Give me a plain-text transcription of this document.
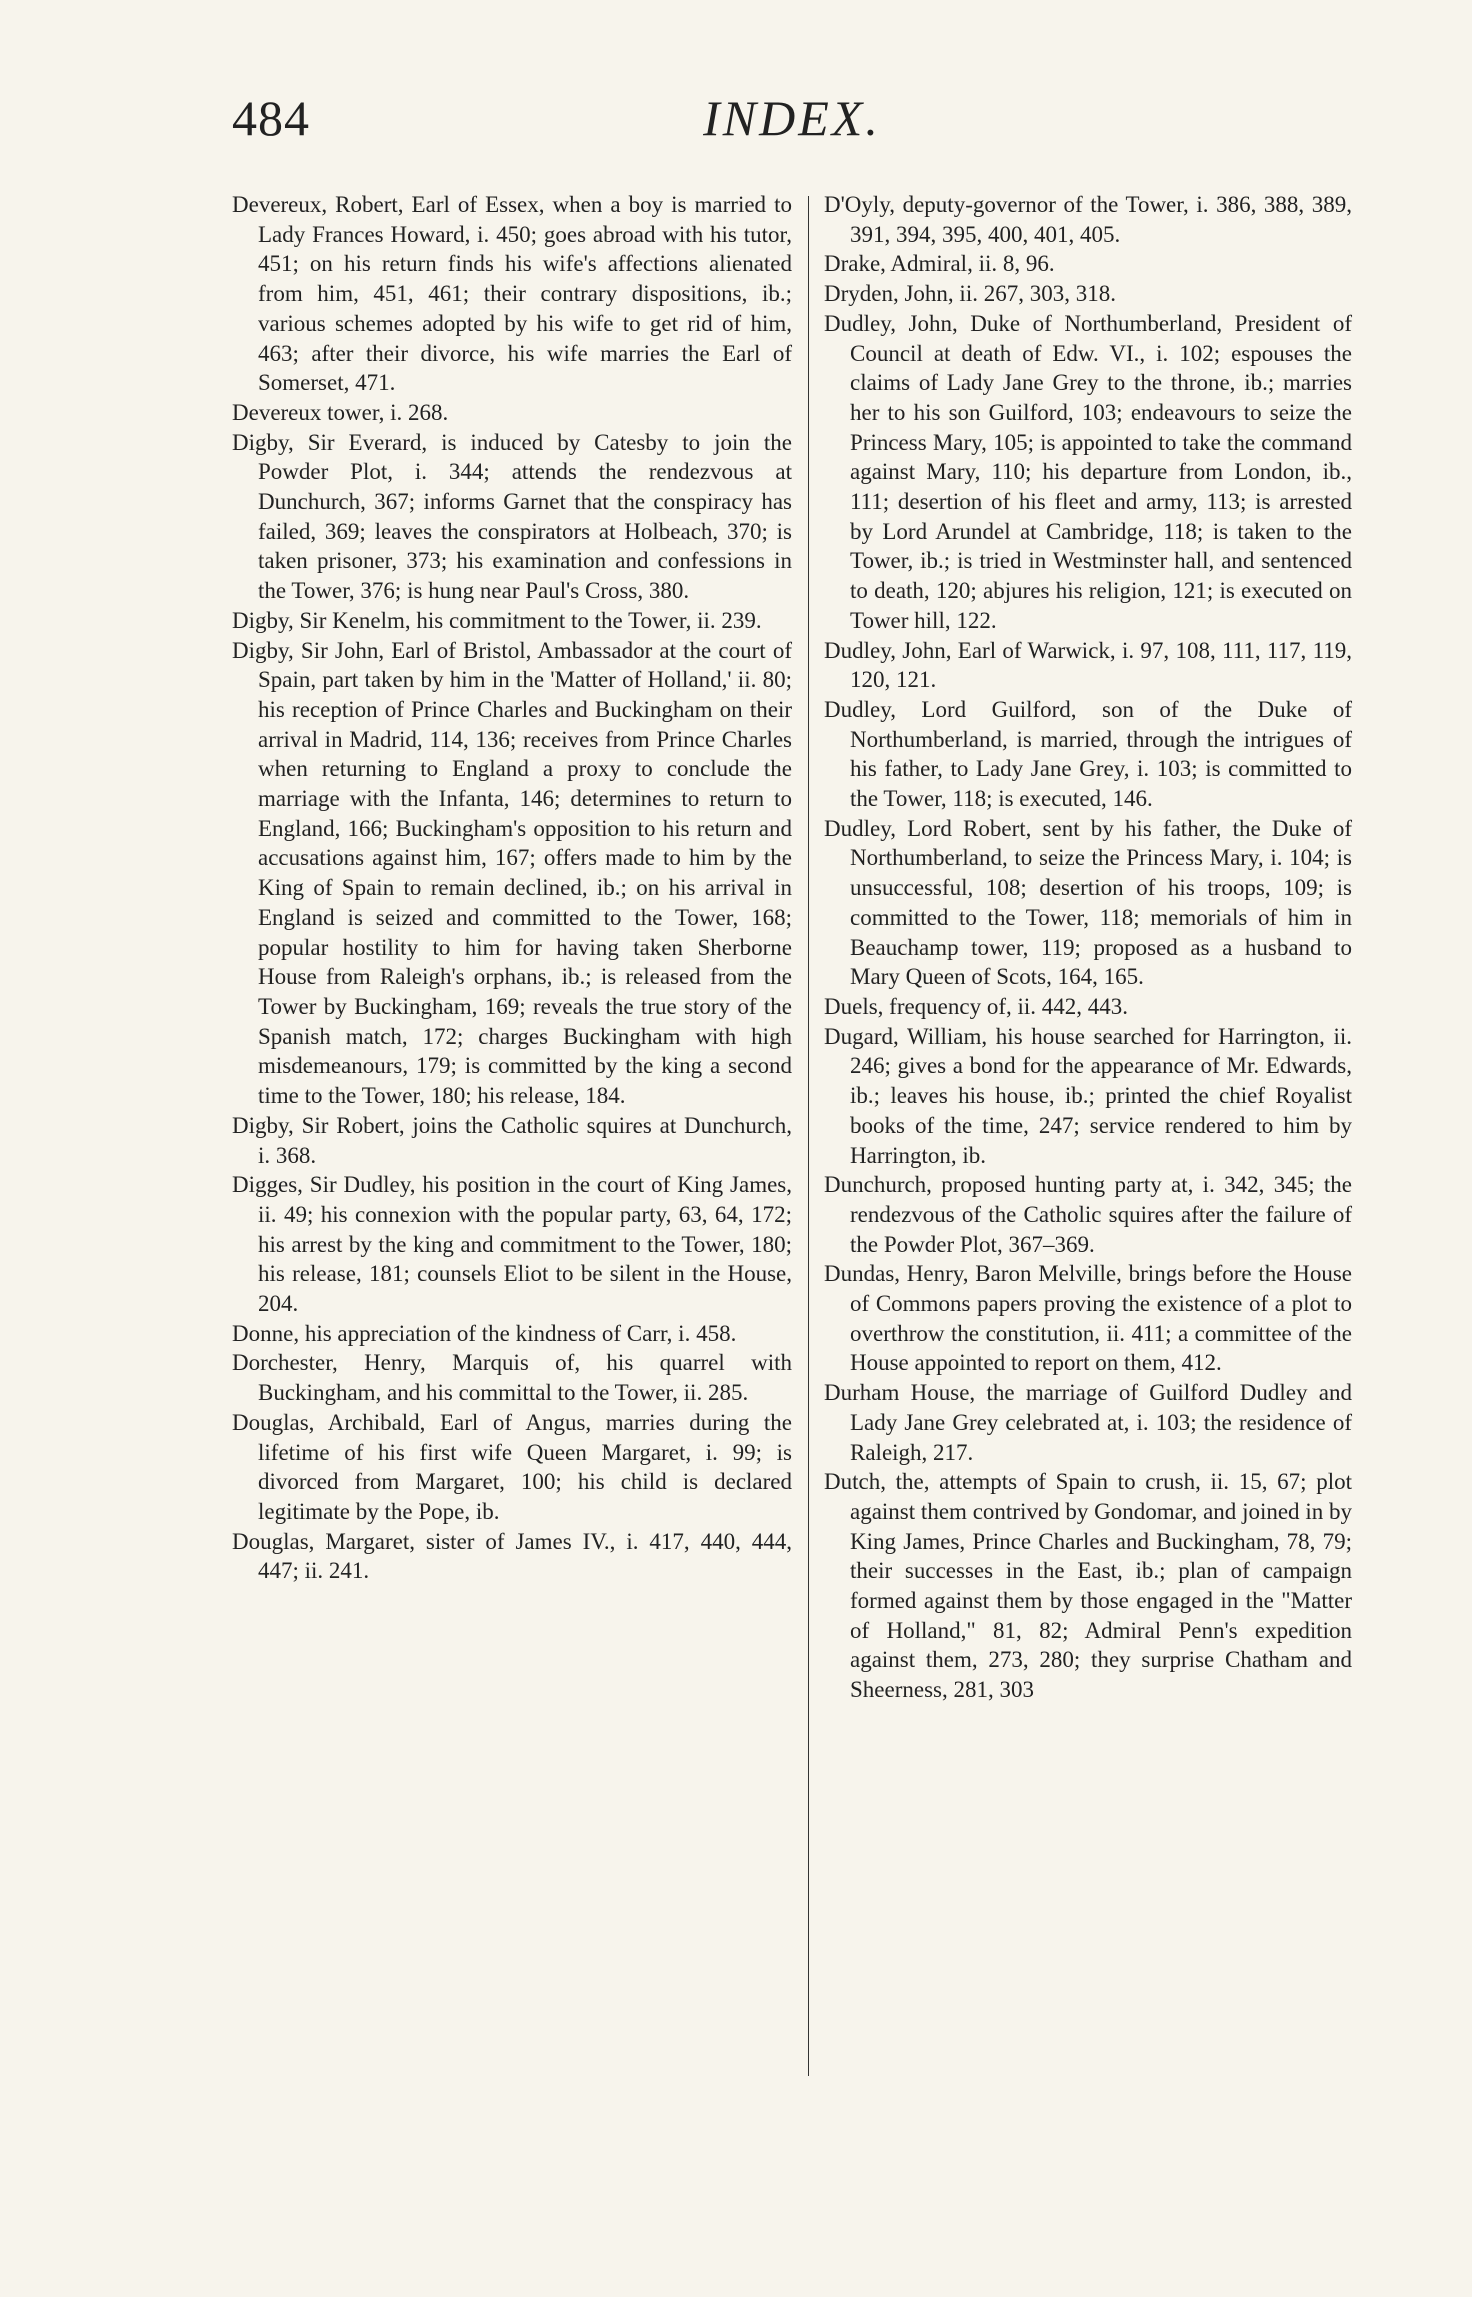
484	INDEX.

Devereux, Robert, Earl of Essex, when a boy is married to Lady Frances Howard, i. 450; goes abroad with his tutor, 451; on his return finds his wife's affections alienated from him, 451, 461; their contrary dispositions, ib.; various schemes adopted by his wife to get rid of him, 463; after their divorce, his wife marries the Earl of Somerset, 471.

Devereux tower, i. 268.

Digby, Sir Everard, is induced by Catesby to join the Powder Plot, i. 344; attends the rendezvous at Dunchurch, 367; informs Garnet that the conspiracy has failed, 369; leaves the conspirators at Holbeach, 370; is taken prisoner, 373; his examination and confessions in the Tower, 376; is hung near Paul's Cross, 380.

Digby, Sir Kenelm, his commitment to the Tower, ii. 239.

Digby, Sir John, Earl of Bristol, Ambassador at the court of Spain, part taken by him in the 'Matter of Holland,' ii. 80; his reception of Prince Charles and Buckingham on their arrival in Madrid, 114, 136; receives from Prince Charles when returning to England a proxy to conclude the marriage with the Infanta, 146; determines to return to England, 166; Buckingham's opposition to his return and accusations against him, 167; offers made to him by the King of Spain to remain declined, ib.; on his arrival in England is seized and committed to the Tower, 168; popular hostility to him for having taken Sherborne House from Raleigh's orphans, ib.; is released from the Tower by Buckingham, 169; reveals the true story of the Spanish match, 172; charges Buckingham with high misdemeanours, 179; is committed by the king a second time to the Tower, 180; his release, 184.

Digby, Sir Robert, joins the Catholic squires at Dunchurch, i. 368.

Digges, Sir Dudley, his position in the court of King James, ii. 49; his connexion with the popular party, 63, 64, 172; his arrest by the king and commitment to the Tower, 180; his release, 181; counsels Eliot to be silent in the House, 204.

Donne, his appreciation of the kindness of Carr, i. 458.

Dorchester, Henry, Marquis of, his quarrel with Buckingham, and his committal to the Tower, ii. 285.

Douglas, Archibald, Earl of Angus, marries during the lifetime of his first wife Queen Margaret, i. 99; is divorced from Margaret, 100; his child is declared legitimate by the Pope, ib.

Douglas, Margaret, sister of James IV., i. 417, 440, 444, 447; ii. 241.

D'Oyly, deputy-governor of the Tower, i. 386, 388, 389, 391, 394, 395, 400, 401, 405.

Drake, Admiral, ii. 8, 96.

Dryden, John, ii. 267, 303, 318.

Dudley, John, Duke of Northumberland, President of Council at death of Edw. VI., i. 102; espouses the claims of Lady Jane Grey to the throne, ib.; marries her to his son Guilford, 103; endeavours to seize the Princess Mary, 105; is appointed to take the command against Mary, 110; his departure from London, ib., 111; desertion of his fleet and army, 113; is arrested by Lord Arundel at Cambridge, 118; is taken to the Tower, ib.; is tried in Westminster hall, and sentenced to death, 120; abjures his religion, 121; is executed on Tower hill, 122.

Dudley, John, Earl of Warwick, i. 97, 108, 111, 117, 119, 120, 121.

Dudley, Lord Guilford, son of the Duke of Northumberland, is married, through the intrigues of his father, to Lady Jane Grey, i. 103; is committed to the Tower, 118; is executed, 146.

Dudley, Lord Robert, sent by his father, the Duke of Northumberland, to seize the Princess Mary, i. 104; is unsuccessful, 108; desertion of his troops, 109; is committed to the Tower, 118; memorials of him in Beauchamp tower, 119; proposed as a husband to Mary Queen of Scots, 164, 165.

Duels, frequency of, ii. 442, 443.

Dugard, William, his house searched for Harrington, ii. 246; gives a bond for the appearance of Mr. Edwards, ib.; leaves his house, ib.; printed the chief Royalist books of the time, 247; service rendered to him by Harrington, ib.

Dunchurch, proposed hunting party at, i. 342, 345; the rendezvous of the Catholic squires after the failure of the Powder Plot, 367–369.

Dundas, Henry, Baron Melville, brings before the House of Commons papers proving the existence of a plot to overthrow the constitution, ii. 411; a committee of the House appointed to report on them, 412.

Durham House, the marriage of Guilford Dudley and Lady Jane Grey celebrated at, i. 103; the residence of Raleigh, 217.

Dutch, the, attempts of Spain to crush, ii. 15, 67; plot against them contrived by Gondomar, and joined in by King James, Prince Charles and Buckingham, 78, 79; their successes in the East, ib.; plan of campaign formed against them by those engaged in the "Matter of Holland," 81, 82; Admiral Penn's expedition against them, 273, 280; they surprise Chatham and Sheerness, 281, 303
